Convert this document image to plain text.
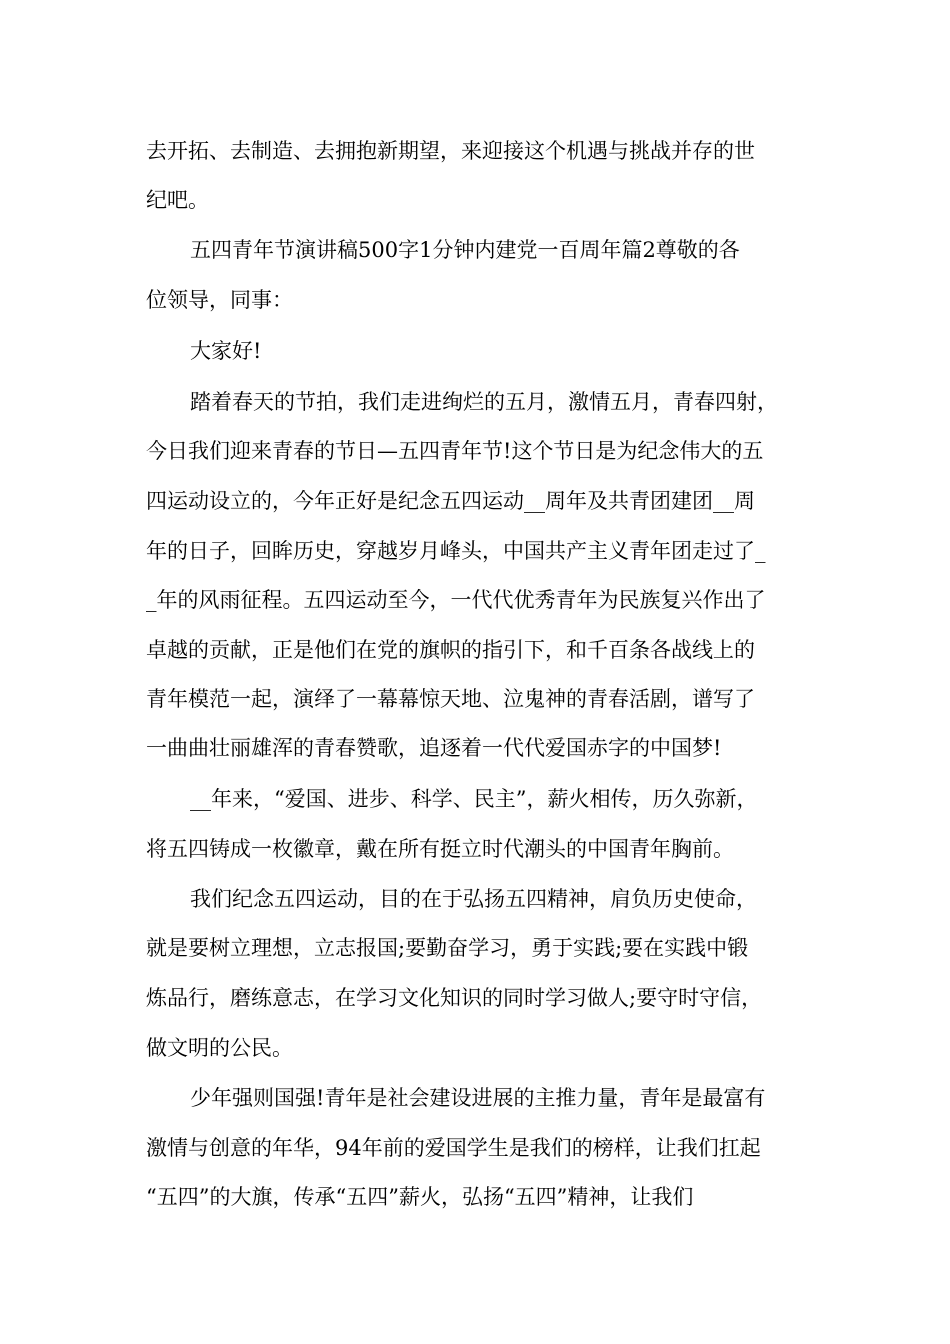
去开拓、去制造、去拥抱新期望，来迎接这个机遇与挑战并存的世
纪吧。
五四青年节演讲稿500字1分钟内建党一百周年篇2尊敬的各
位领导，同事：
大家好!
踏着春天的节拍，我们走进绚烂的五月，激情五月，青春四射，
今日我们迎来青春的节日—五四青年节!这个节日是为纪念伟大的五
四运动设立的，今年正好是纪念五四运动__周年及共青团建团__周
年的日子，回眸历史，穿越岁月峰头，中国共产主义青年团走过了_
_年的风雨征程。五四运动至今，一代代优秀青年为民族复兴作出了
卓越的贡献，正是他们在党的旗帜的指引下，和千百条各战线上的
青年模范一起，演绎了一幕幕惊天地、泣鬼神的青春活剧，谱写了
一曲曲壮丽雄浑的青春赞歌，追逐着一代代爱国赤字的中国梦!
__年来，“爱国、进步、科学、民主”，薪火相传，历久弥新，
将五四铸成一枚徽章，戴在所有挺立时代潮头的中国青年胸前。
我们纪念五四运动，目的在于弘扬五四精神，肩负历史使命，
就是要树立理想，立志报国;要勤奋学习，勇于实践;要在实践中锻
炼品行，磨练意志，在学习文化知识的同时学习做人;要守时守信，
做文明的公民。
少年强则国强!青年是社会建设进展的主推力量，青年是最富有
激情与创意的年华，94年前的爱国学生是我们的榜样，让我们扛起
“五四”的大旗，传承“五四”薪火，弘扬“五四”精神，让我们
